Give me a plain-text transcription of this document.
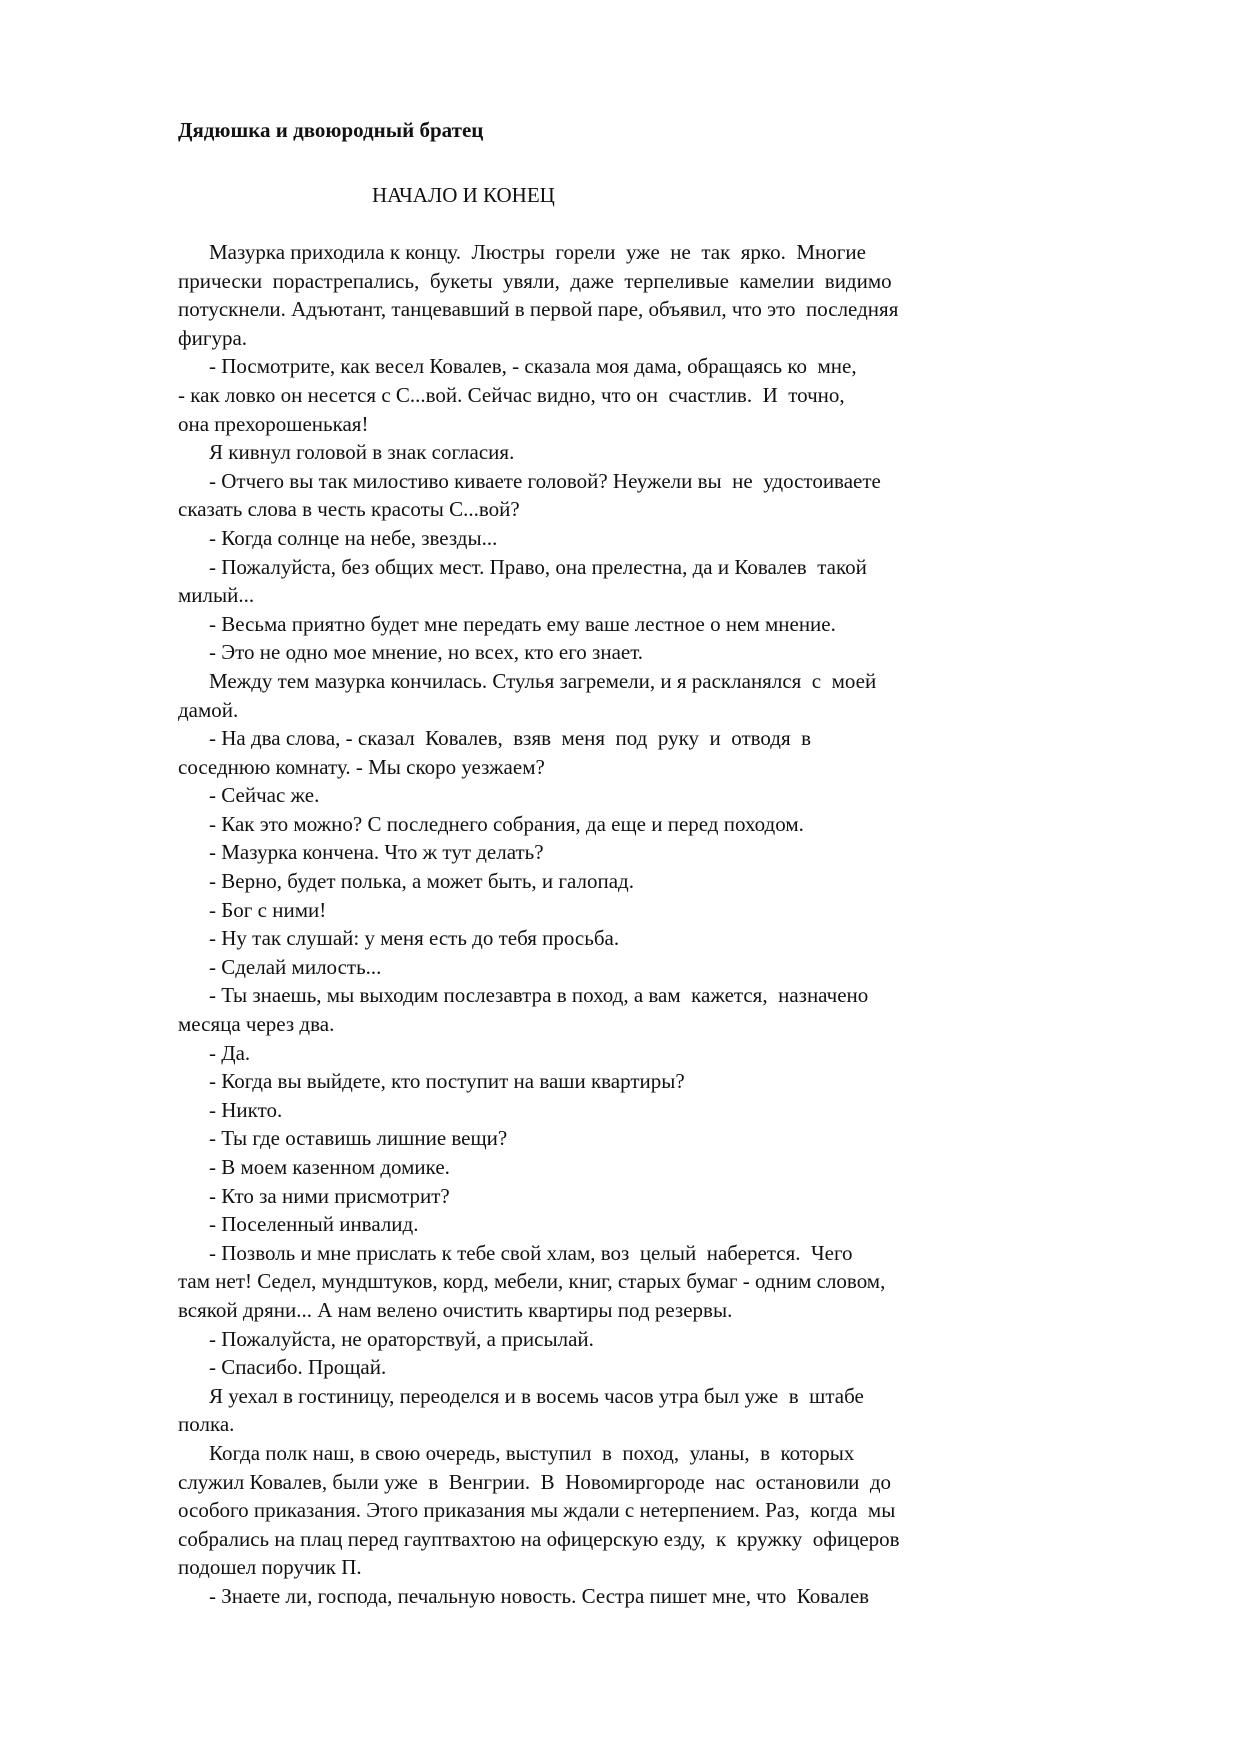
Дядюшка и двоюродный братец
НАЧАЛО И КОНЕЦ
Мазурка приходила к концу.  Люстры  горели  уже  не  так  ярко.  Многие
прически  порастрепались,  букеты  увяли,  даже  терпеливые  камелии  видимо
потускнели. Адъютант, танцевавший в первой паре, объявил, что это  последняя
фигура.
- Посмотрите, как весел Ковалев, - сказала моя дама, обращаясь ко  мне,
- как ловко он несется с С...вой. Сейчас видно, что он  счастлив.  И  точно,
она прехорошенькая!
Я кивнул головой в знак согласия.
- Отчего вы так милостиво киваете головой? Неужели вы  не  удостоиваете
сказать слова в честь красоты С...вой?
- Когда солнце на небе, звезды...
- Пожалуйста, без общих мест. Право, она прелестна, да и Ковалев  такой
милый...
- Весьма приятно будет мне передать ему ваше лестное о нем мнение.
- Это не одно мое мнение, но всех, кто его знает.
Между тем мазурка кончилась. Стулья загремели, и я раскланялся  с  моей
дамой.
- На два слова, - сказал  Ковалев,  взяв  меня  под  руку  и  отводя  в
соседнюю комнату. - Мы скоро уезжаем?
- Сейчас же.
- Как это можно? С последнего собрания, да еще и перед походом.
- Мазурка кончена. Что ж тут делать?
- Верно, будет полька, а может быть, и галопад.
- Бог с ними!
- Ну так слушай: у меня есть до тебя просьба.
- Сделай милость...
- Ты знаешь, мы выходим послезавтра в поход, а вам  кажется,  назначено
месяца через два.
- Да.
- Когда вы выйдете, кто поступит на ваши квартиры?
- Никто.
- Ты где оставишь лишние вещи?
- В моем казенном домике.
- Кто за ними присмотрит?
- Поселенный инвалид.
- Позволь и мне прислать к тебе свой хлам, воз  целый  наберется.  Чего
там нет! Седел, мундштуков, корд, мебели, книг, старых бумаг - одним словом,
всякой дряни... А нам велено очистить квартиры под резервы.
- Пожалуйста, не ораторствуй, а присылай.
- Спасибо. Прощай.
Я уехал в гостиницу, переоделся и в восемь часов утра был уже  в  штабе
полка.
Когда полк наш, в свою очередь, выступил  в  поход,  уланы,  в  которых
служил Ковалев, были уже  в  Венгрии.  В  Новомиргороде  нас  остановили  до
особого приказания. Этого приказания мы ждали с нетерпением. Раз,  когда  мы
собрались на плац перед гауптвахтою на офицерскую езду,  к  кружку  офицеров
подошел поручик П.
- Знаете ли, господа, печальную новость. Сестра пишет мне, что  Ковалев
